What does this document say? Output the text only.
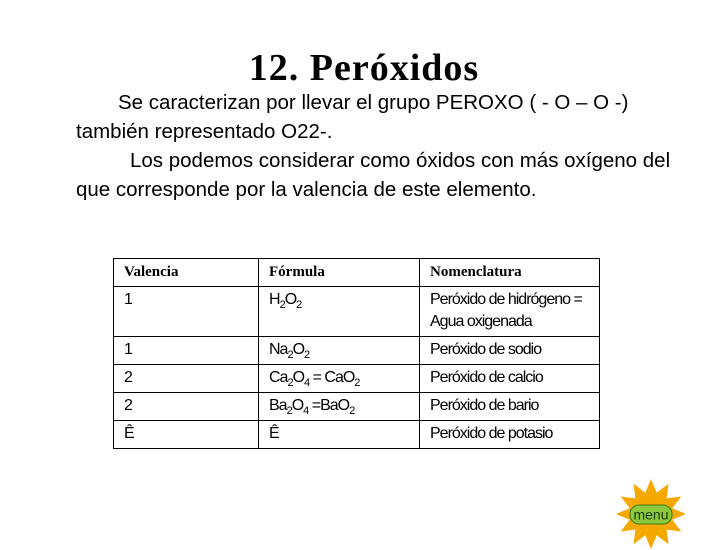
12. Peróxidos
Se caracterizan por llevar el grupo PEROXO ( - O – O -) también representado O22-.
Los podemos considerar como óxidos con más oxígeno del que corresponde por la valencia de este elemento.
Valencia	Fórmula	Nomenclatura
1	$H_2O_2$	Peróxido de hidrógeno = Agua oxigenada
1	$Na_2O_2$	Peróxido de sodio
2	$Ca_2O_4 = CaO_2$	Peróxido de calcio
2	$Ba_2O_4 =BaO_2$	Peróxido de bario
Ê	Ê	Peróxido de potasio
menu
